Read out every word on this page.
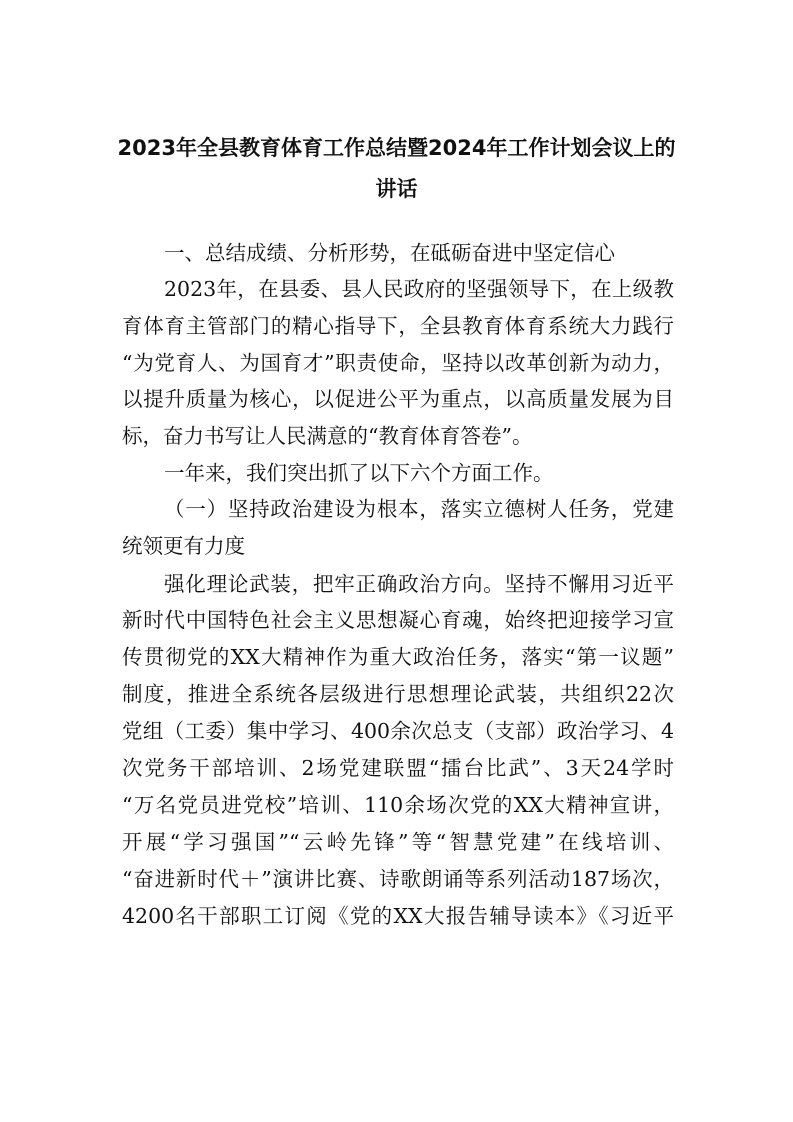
2023年全县教育体育工作总结暨2024年工作计划会议上的
讲话
一、总结成绩、分析形势，在砥砺奋进中坚定信心
2023年，在县委、县人民政府的坚强领导下，在上级教
育体育主管部门的精心指导下，全县教育体育系统大力践行
“为党育人、为国育才”职责使命，坚持以改革创新为动力，
以提升质量为核心，以促进公平为重点，以高质量发展为目
标，奋力书写让人民满意的“教育体育答卷”。
一年来，我们突出抓了以下六个方面工作。
（一）坚持政治建设为根本，落实立德树人任务，党建
统领更有力度
强化理论武装，把牢正确政治方向。坚持不懈用习近平
新时代中国特色社会主义思想凝心育魂，始终把迎接学习宣
传贯彻党的XX大精神作为重大政治任务，落实“第一议题”
制度，推进全系统各层级进行思想理论武装，共组织22次
党组（工委）集中学习、400余次总支（支部）政治学习、4
次党务干部培训、2场党建联盟“擂台比武”、3天24学时
“万名党员进党校”培训、110余场次党的XX大精神宣讲，
开展“学习强国”“云岭先锋”等“智慧党建”在线培训、
“奋进新时代＋”演讲比赛、诗歌朗诵等系列活动187场次，
4200名干部职工订阅《党的XX大报告辅导读本》《习近平
